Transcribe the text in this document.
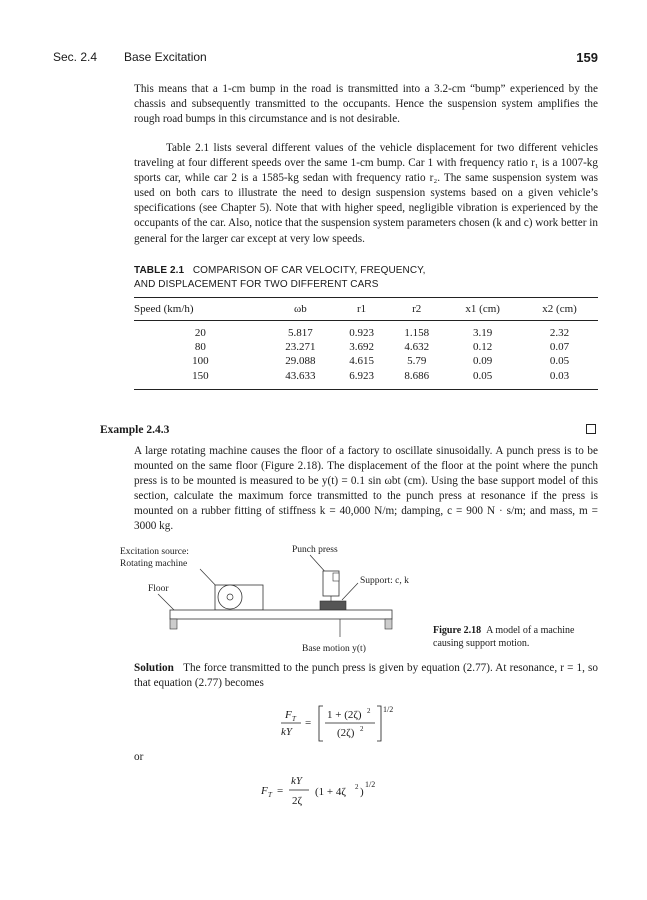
Sec. 2.4 Base Excitation	159

This means that a 1-cm bump in the road is transmitted into a 3.2-cm “bump” experienced by the chassis and subsequently transmitted to the occupants. Hence the suspension system amplifies the rough road bumps in this circumstance and is not desirable.

Table 2.1 lists several different values of the vehicle displacement for two different vehicles traveling at four different speeds over the same 1-cm bump. Car 1 with frequency ratio r₁ is a 1007-kg sports car, while car 2 is a 1585-kg sedan with frequency ratio r₂. The same suspension system was used on both cars to illustrate the need to design suspension systems based on a given vehicle’s specifications (see Chapter 5). Note that with higher speed, negligible vibration is experienced by the occupants of the car. Also, notice that the suspension system parameters chosen (k and c) work better in general for the larger car except at very low speeds.

TABLE 2.1 COMPARISON OF CAR VELOCITY, FREQUENCY,
AND DISPLACEMENT FOR TWO DIFFERENT CARS
Speed (km/h)	ωb	r1	r2	x1 (cm)	x2 (cm)
20	5.817	0.923	1.158	3.19	2.32
80	23.271	3.692	4.632	0.12	0.07
100	29.088	4.615	5.79	0.09	0.05
150	43.633	6.923	8.686	0.05	0.03
Example 2.4.3

A large rotating machine causes the floor of a factory to oscillate sinusoidally. A punch press is to be mounted on the same floor (Figure 2.18). The displacement of the floor at the point where the punch press is to be mounted is measured to be y(t) = 0.1 sin ωbt (cm). Using the base support model of this section, calculate the maximum force transmitted to the punch press at resonance if the press is mounted on a rubber fitting of stiffness k = 40,000 N/m; damping, c = 900 N · s/m; and mass, m = 3000 kg.

Excitation source:
Rotating machine
Punch press
Floor
Support: c, k
Base motion y(t)
Figure 2.18 A model of a machine causing support motion.

Solution The force transmitted to the punch press is given by equation (2.77). At resonance, r = 1, so that equation (2.77) becomes

F T
kY
=
1 + (2ζ) 2
(2ζ) 2
1/2
or
F T =
kY
2ζ
(1 + 4ζ 2 )
1/2
